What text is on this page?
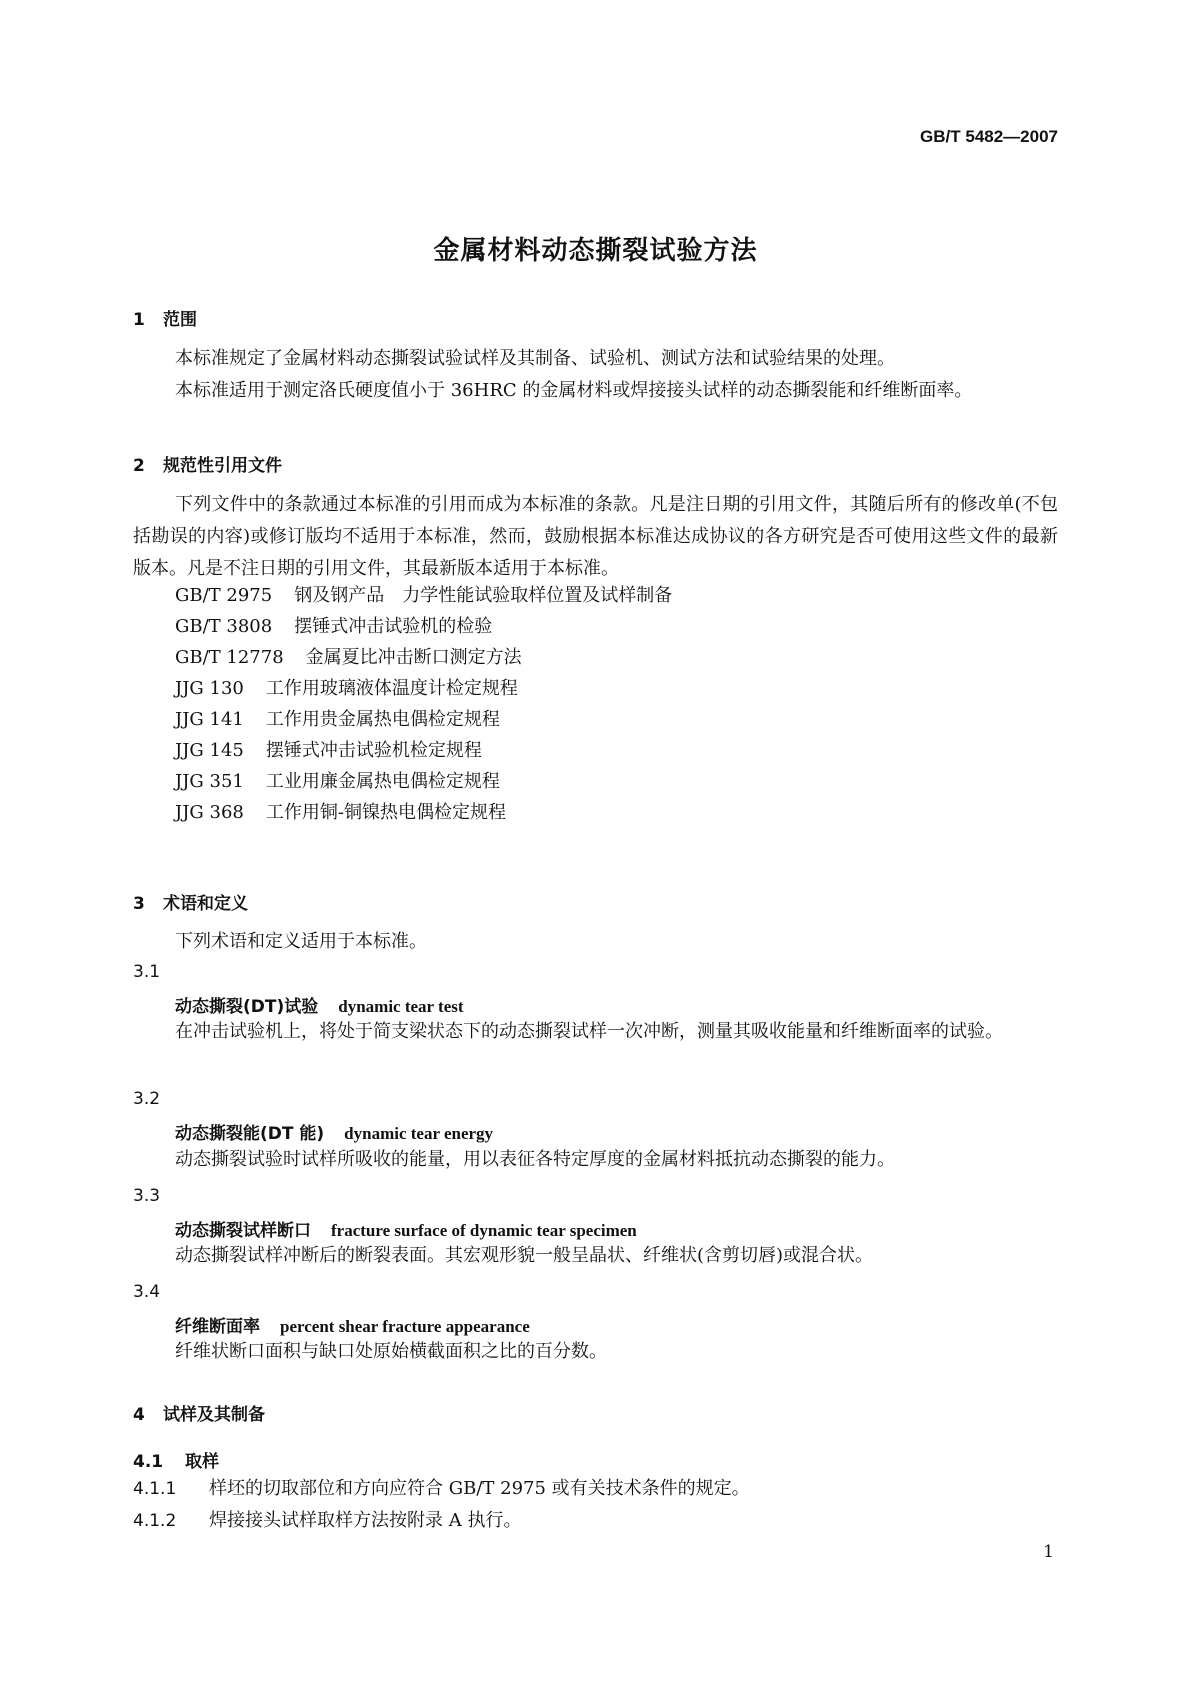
GB/T 5482—2007
金属材料动态撕裂试验方法
1 范围
本标准规定了金属材料动态撕裂试验试样及其制备、试验机、测试方法和试验结果的处理。
本标准适用于测定洛氏硬度值小于 36HRC 的金属材料或焊接接头试样的动态撕裂能和纤维断面率。
2 规范性引用文件
下列文件中的条款通过本标准的引用而成为本标准的条款。凡是注日期的引用文件，其随后所有的修改单(不包括勘误的内容)或修订版均不适用于本标准，然而，鼓励根据本标准达成协议的各方研究是否可使用这些文件的最新版本。凡是不注日期的引用文件，其最新版本适用于本标准。
GB/T 2975 钢及钢产品　力学性能试验取样位置及试样制备
GB/T 3808 摆锤式冲击试验机的检验
GB/T 12778 金属夏比冲击断口测定方法
JJG 130 工作用玻璃液体温度计检定规程
JJG 141 工作用贵金属热电偶检定规程
JJG 145 摆锤式冲击试验机检定规程
JJG 351 工业用廉金属热电偶检定规程
JJG 368 工作用铜-铜镍热电偶检定规程
3 术语和定义
下列术语和定义适用于本标准。
3.1
动态撕裂(DT)试验 dynamic tear test
在冲击试验机上，将处于简支梁状态下的动态撕裂试样一次冲断，测量其吸收能量和纤维断面率的试验。
3.2
动态撕裂能(DT 能) dynamic tear energy
动态撕裂试验时试样所吸收的能量，用以表征各特定厚度的金属材料抵抗动态撕裂的能力。
3.3
动态撕裂试样断口 fracture surface of dynamic tear specimen
动态撕裂试样冲断后的断裂表面。其宏观形貌一般呈晶状、纤维状(含剪切唇)或混合状。
3.4
纤维断面率 percent shear fracture appearance
纤维状断口面积与缺口处原始横截面积之比的百分数。
4 试样及其制备
4.1 取样
4.1.1 样坯的切取部位和方向应符合 GB/T 2975 或有关技术条件的规定。
4.1.2 焊接接头试样取样方法按附录 A 执行。
1
